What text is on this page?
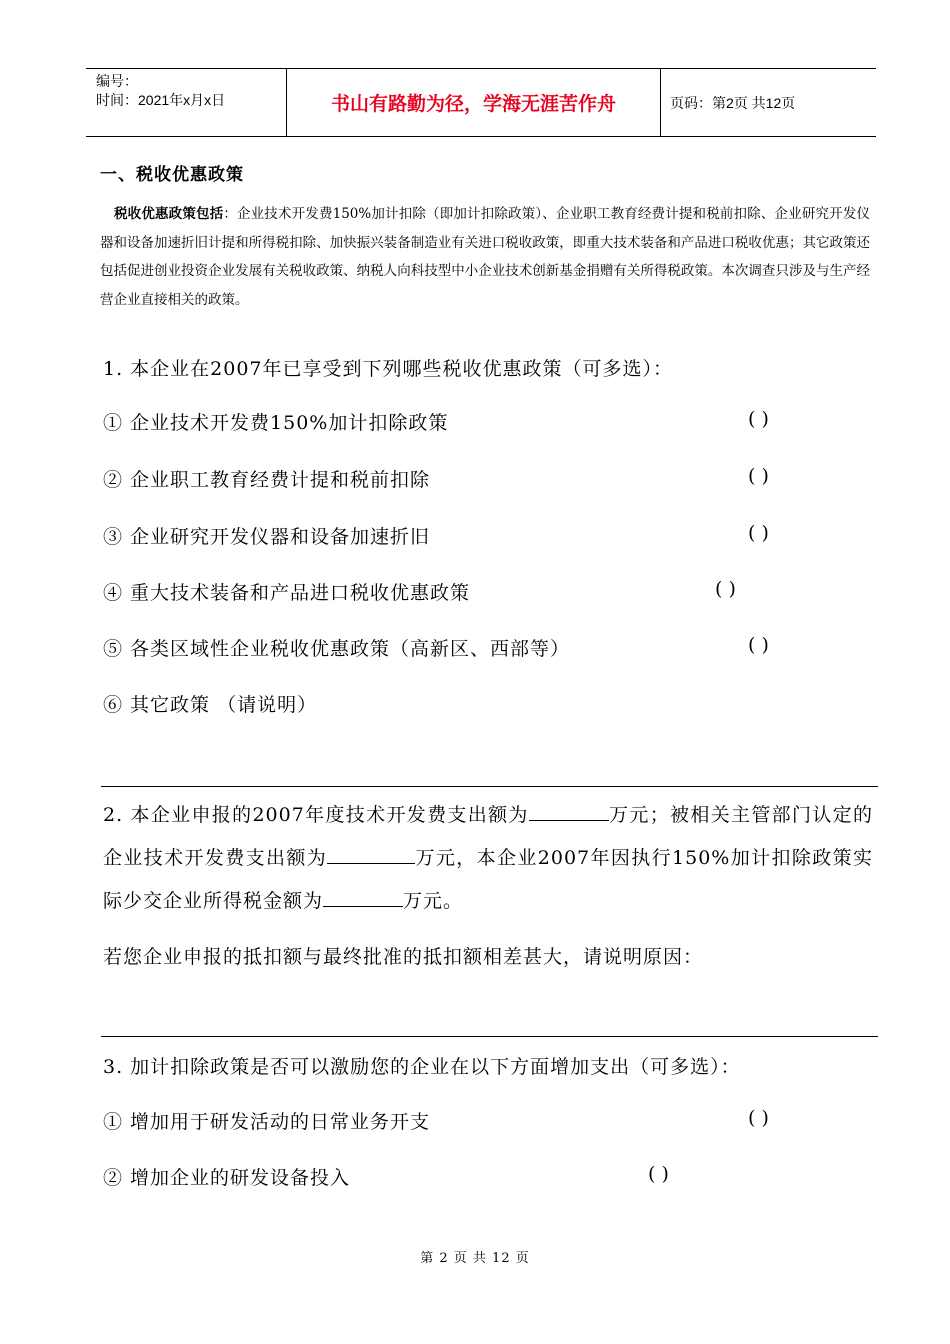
编号：
时间：2021年x月x日	书山有路勤为径，学海无涯苦作舟	页码：第2页 共12页
一、税收优惠政策
税收优惠政策包括：企业技术开发费150%加计扣除（即加计扣除政策）、企业职工教育经费计提和税前扣除、企业研究开发仪器和设备加速折旧计提和所得税扣除、加快振兴装备制造业有关进口税收政策，即重大技术装备和产品进口税收优惠；其它政策还包括促进创业投资企业发展有关税收政策、纳税人向科技型中小企业技术创新基金捐赠有关所得税政策。本次调查只涉及与生产经营企业直接相关的政策。
1. 本企业在2007年已享受到下列哪些税收优惠政策（可多选）：
① 企业技术开发费150%加计扣除政策	( )
② 企业职工教育经费计提和税前扣除	( )
③ 企业研究开发仪器和设备加速折旧	( )
④ 重大技术装备和产品进口税收优惠政策	( )
⑤ 各类区域性企业税收优惠政策（高新区、西部等）	( )
⑥ 其它政策 （请说明）
2. 本企业申报的2007年度技术开发费支出额为	万元；被相关主管部门认定的企业技术开发费支出额为	万元，本企业2007年因执行150%加计扣除政策实际少交企业所得税金额为	万元。
若您企业申报的抵扣额与最终批准的抵扣额相差甚大，请说明原因：
3. 加计扣除政策是否可以激励您的企业在以下方面增加支出（可多选）：
① 增加用于研发活动的日常业务开支	( )
② 增加企业的研发设备投入	( )
第 2 页 共 12 页
